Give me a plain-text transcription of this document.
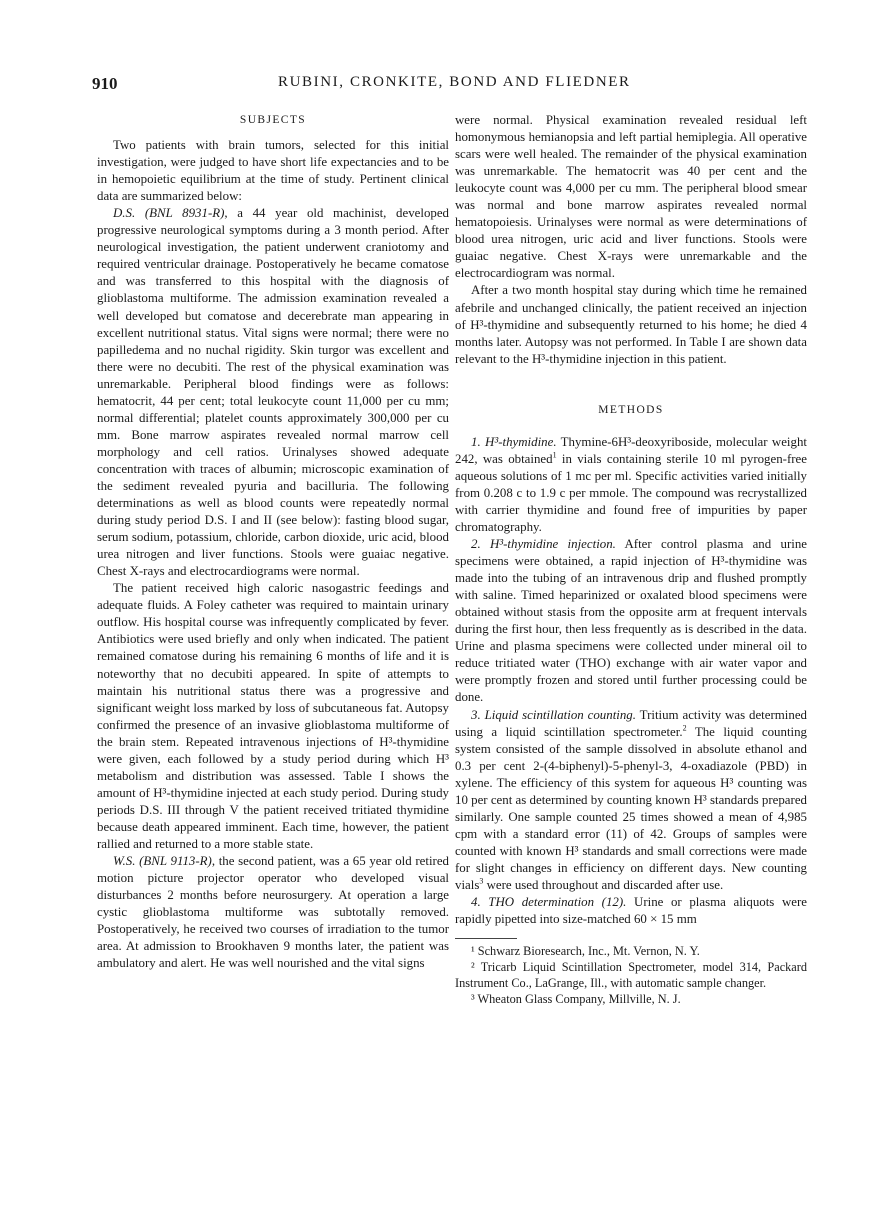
910	RUBINI, CRONKITE, BOND AND FLIEDNER
SUBJECTS

Two patients with brain tumors, selected for this initial investigation, were judged to have short life expectancies and to be in hemopoietic equilibrium at the time of study. Pertinent clinical data are summarized below:

D.S. (BNL 8931-R), a 44 year old machinist, developed progressive neurological symptoms during a 3 month period. After neurological investigation, the patient underwent craniotomy and required ventricular drainage. Postoperatively he became comatose and was transferred to this hospital with the diagnosis of glioblastoma multiforme. The admission examination revealed a well developed but comatose and decerebrate man appearing in excellent nutritional status. Vital signs were normal; there were no papilledema and no nuchal rigidity. Skin turgor was excellent and there were no decubiti. The rest of the physical examination was unremarkable. Peripheral blood findings were as follows: hematocrit, 44 per cent; total leukocyte count 11,000 per cu mm; normal differential; platelet counts approximately 300,000 per cu mm. Bone marrow aspirates revealed normal marrow cell morphology and cell ratios. Urinalyses showed adequate concentration with traces of albumin; microscopic examination of the sediment revealed pyuria and bacilluria. The following determinations as well as blood counts were repeatedly normal during study period D.S. I and II (see below): fasting blood sugar, serum sodium, potassium, chloride, carbon dioxide, uric acid, blood urea nitrogen and liver functions. Stools were guaiac negative. Chest X-rays and electrocardiograms were normal.

The patient received high caloric nasogastric feedings and adequate fluids. A Foley catheter was required to maintain urinary outflow. His hospital course was infrequently complicated by fever. Antibiotics were used briefly and only when indicated. The patient remained comatose during his remaining 6 months of life and it is noteworthy that no decubiti appeared. In spite of attempts to maintain his nutritional status there was a progressive and significant weight loss marked by loss of subcutaneous fat. Autopsy confirmed the presence of an invasive glioblastoma multiforme of the brain stem. Repeated intravenous injections of H³-thymidine were given, each followed by a study period during which H³ metabolism and distribution was assessed. Table I shows the amount of H³-thymidine injected at each study period. During study periods D.S. III through V the patient received tritiated thymidine because death appeared imminent. Each time, however, the patient rallied and returned to a more stable state.

W.S. (BNL 9113-R), the second patient, was a 65 year old retired motion picture projector operator who developed visual disturbances 2 months before neurosurgery. At operation a large cystic glioblastoma multiforme was subtotally removed. Postoperatively, he received two courses of irradiation to the tumor area. At admission to Brookhaven 9 months later, the patient was ambulatory and alert. He was well nourished and the vital signs

were normal. Physical examination revealed residual left homonymous hemianopsia and left partial hemiplegia. All operative scars were well healed. The remainder of the physical examination was unremarkable. The hematocrit was 40 per cent and the leukocyte count was 4,000 per cu mm. The peripheral blood smear was normal and bone marrow aspirates revealed normal hematopoiesis. Urinalyses were normal as were determinations of blood urea nitrogen, uric acid and liver functions. Stools were guaiac negative. Chest X-rays were unremarkable and the electrocardiogram was normal.

After a two month hospital stay during which time he remained afebrile and unchanged clinically, the patient received an injection of H³-thymidine and subsequently returned to his home; he died 4 months later. Autopsy was not performed. In Table I are shown data relevant to the H³-thymidine injection in this patient.

METHODS

1. H³-thymidine. Thymine-6H³-deoxyriboside, molecular weight 242, was obtained$^1$ in vials containing sterile 10 ml pyrogen-free aqueous solutions of 1 mc per ml. Specific activities varied initially from 0.208 c to 1.9 c per mmole. The compound was recrystallized with carrier thymidine and found free of impurities by paper chromatography.

2. H³-thymidine injection. After control plasma and urine specimens were obtained, a rapid injection of H³-thymidine was made into the tubing of an intravenous drip and flushed promptly with saline. Timed heparinized or oxalated blood specimens were obtained without stasis from the opposite arm at frequent intervals during the first hour, then less frequently as is described in the data. Urine and plasma specimens were collected under mineral oil to reduce tritiated water (THO) exchange with air water vapor and were promptly frozen and stored until further processing could be done.

3. Liquid scintillation counting. Tritium activity was determined using a liquid scintillation spectrometer.$^2$ The liquid counting system consisted of the sample dissolved in absolute ethanol and 0.3 per cent 2-(4-biphenyl)-5-phenyl-3, 4-oxadiazole (PBD) in xylene. The efficiency of this system for aqueous H³ counting was 10 per cent as determined by counting known H³ standards prepared similarly. One sample counted 25 times showed a mean of 4,985 cpm with a standard error (11) of 42. Groups of samples were counted with known H³ standards and small corrections were made for slight changes in efficiency on different days. New counting vials$^3$ were used throughout and discarded after use.

4. THO determination (12). Urine or plasma aliquots were rapidly pipetted into size-matched 60 × 15 mm

¹ Schwarz Bioresearch, Inc., Mt. Vernon, N. Y.

² Tricarb Liquid Scintillation Spectrometer, model 314, Packard Instrument Co., LaGrange, Ill., with automatic sample changer.

³ Wheaton Glass Company, Millville, N. J.
